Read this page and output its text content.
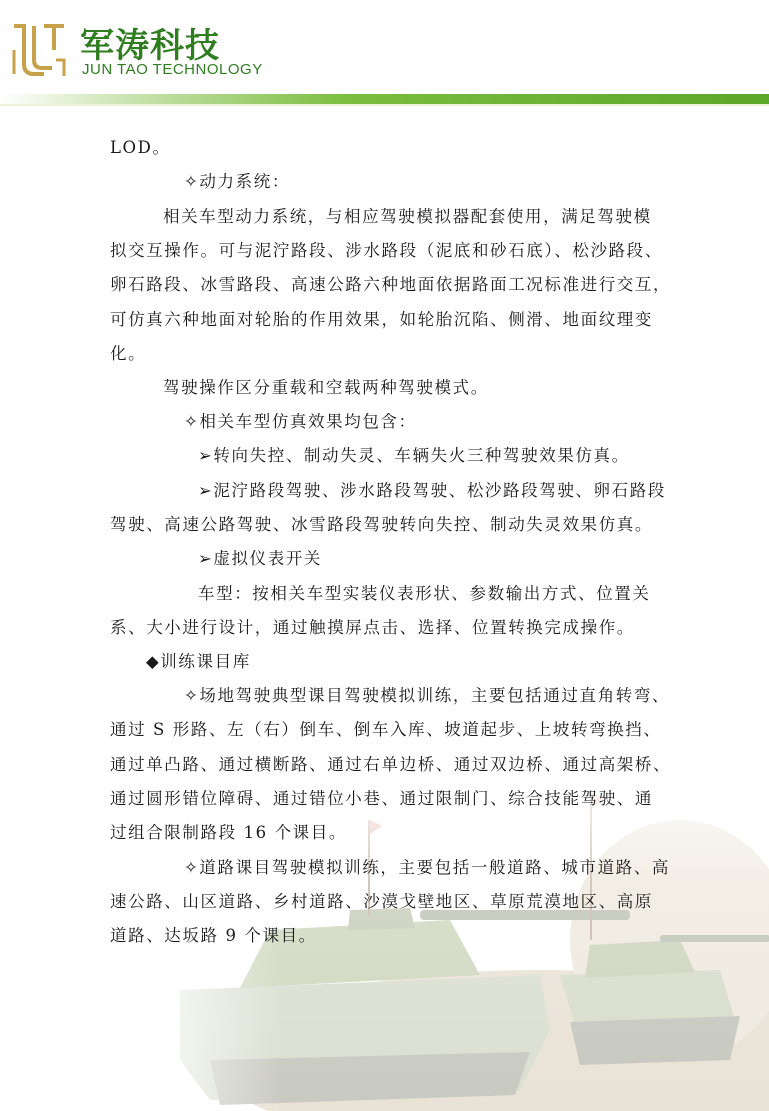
军涛科技
JUN TAO TECHNOLOGY
LOD。
✧动力系统：
相关车型动力系统，与相应驾驶模拟器配套使用，满足驾驶模
拟交互操作。可与泥泞路段、涉水路段（泥底和砂石底）、松沙路段、
卵石路段、冰雪路段、高速公路六种地面依据路面工况标准进行交互，
可仿真六种地面对轮胎的作用效果，如轮胎沉陷、侧滑、地面纹理变
化。
驾驶操作区分重载和空载两种驾驶模式。
✧相关车型仿真效果均包含：
➢转向失控、制动失灵、车辆失火三种驾驶效果仿真。
➢泥泞路段驾驶、涉水路段驾驶、松沙路段驾驶、卵石路段
驾驶、高速公路驾驶、冰雪路段驾驶转向失控、制动失灵效果仿真。
➢虚拟仪表开关
车型：按相关车型实装仪表形状、参数输出方式、位置关
系、大小进行设计，通过触摸屏点击、选择、位置转换完成操作。
◆训练课目库
✧场地驾驶典型课目驾驶模拟训练，主要包括通过直角转弯、
通过 S 形路、左（右）倒车、倒车入库、坡道起步、上坡转弯换挡、
通过单凸路、通过横断路、通过右单边桥、通过双边桥、通过高架桥、
通过圆形错位障碍、通过错位小巷、通过限制门、综合技能驾驶、通
过组合限制路段 16 个课目。
✧道路课目驾驶模拟训练，主要包括一般道路、城市道路、高
速公路、山区道路、乡村道路、沙漠戈壁地区、草原荒漠地区、高原
道路、达坂路 9 个课目。
